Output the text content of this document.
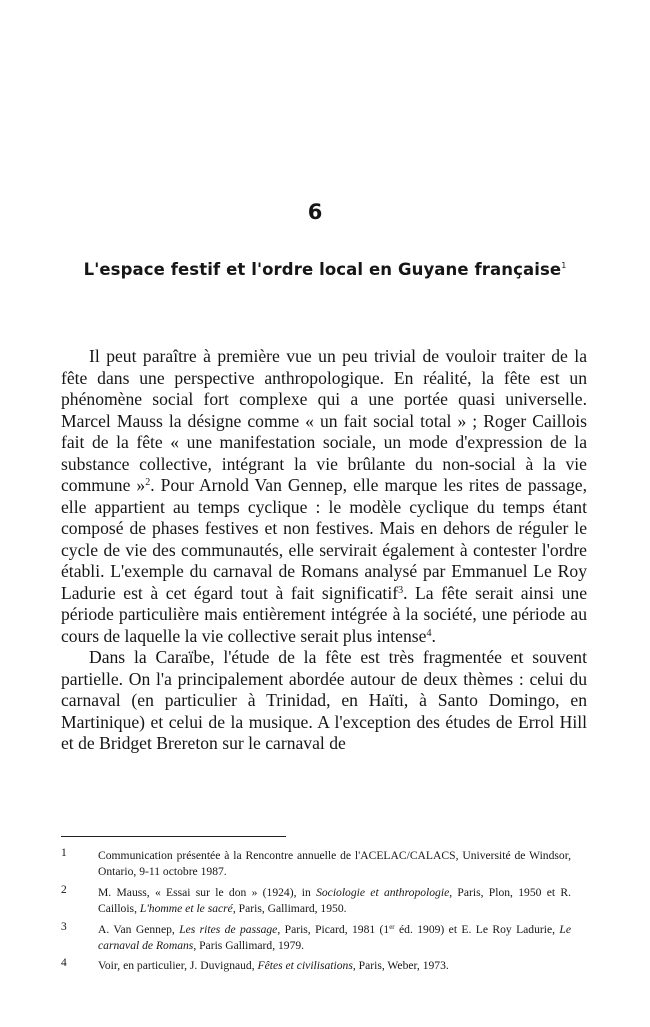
6
L'espace festif et l'ordre local en Guyane française$^1$

Il peut paraître à première vue un peu trivial de vouloir traiter de la fête dans une perspective anthropologique. En réalité, la fête est un phénomène social fort complexe qui a une portée quasi universelle. Marcel Mauss la désigne comme « un fait social total » ; Roger Caillois fait de la fête « une manifestation sociale, un mode d'expression de la substance collective, intégrant la vie brûlante du non-social à la vie commune »$^2$. Pour Arnold Van Gennep, elle marque les rites de passage, elle appartient au temps cyclique : le modèle cyclique du temps étant composé de phases festives et non festives. Mais en dehors de réguler le cycle de vie des communautés, elle servirait également à contester l'ordre établi. L'exemple du carnaval de Romans analysé par Emmanuel Le Roy Ladurie est à cet égard tout à fait significatif$^3$. La fête serait ainsi une période particulière mais entièrement intégrée à la société, une période au cours de laquelle la vie collective serait plus intense$^4$.

Dans la Caraïbe, l'étude de la fête est très fragmentée et souvent partielle. On l'a principalement abordée autour de deux thèmes : celui du carnaval (en particulier à Trinidad, en Haïti, à Santo Domingo, en Martinique) et celui de la musique. A l'exception des études de Errol Hill et de Bridget Brereton sur le carnaval de

1	Communication présentée à la Rencontre annuelle de l'ACELAC/CALACS, Université de Windsor, Ontario, 9-11 octobre 1987.
2	M. Mauss, « Essai sur le don » (1924), in Sociologie et anthropologie, Paris, Plon, 1950 et R. Caillois, L'homme et le sacré, Paris, Gallimard, 1950.
3	A. Van Gennep, Les rites de passage, Paris, Picard, 1981 (1er éd. 1909) et E. Le Roy Ladurie, Le carnaval de Romans, Paris Gallimard, 1979.
4	Voir, en particulier, J. Duvignaud, Fêtes et civilisations, Paris, Weber, 1973.
